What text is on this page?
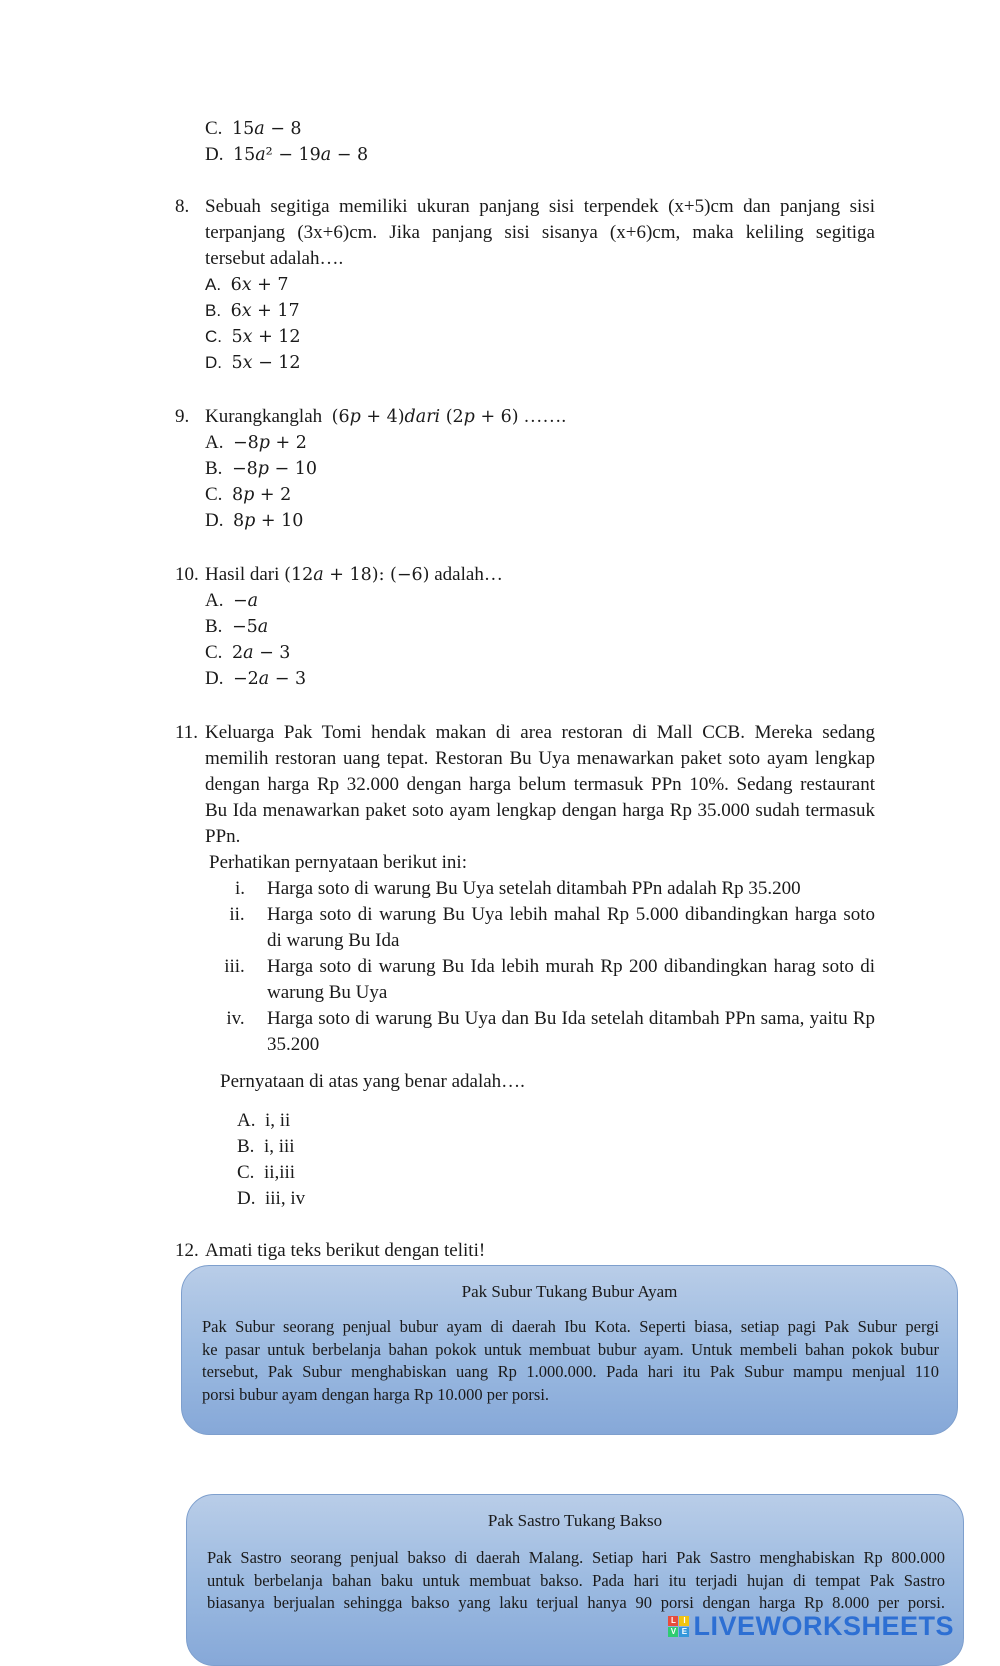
C. 15𝑎 − 8
D. 15𝑎² − 19𝑎 − 8
8. Sebuah segitiga memiliki ukuran panjang sisi terpendek (x+5)cm dan panjang sisi
terpanjang (3x+6)cm. Jika panjang sisi sisanya (x+6)cm, maka keliling segitiga
tersebut adalah….
A. 6𝑥 + 7
B. 6𝑥 + 17
C. 5𝑥 + 12
D. 5𝑥 − 12
9. Kurangkanglah (6𝑝 + 4)𝑑𝑎𝑟𝑖 (2𝑝 + 6) …….
A. −8𝑝 + 2
B. −8𝑝 − 10
C. 8𝑝 + 2
D. 8𝑝 + 10
10. Hasil dari (12𝑎 + 18): (−6) adalah…
A. −𝑎
B. −5𝑎
C. 2𝑎 − 3
D. −2𝑎 − 3
11. Keluarga Pak Tomi hendak makan di area restoran di Mall CCB. Mereka sedang
memilih restoran uang tepat. Restoran Bu Uya menawarkan paket soto ayam lengkap
dengan harga Rp 32.000 dengan harga belum termasuk PPn 10%. Sedang restaurant
Bu Ida menawarkan paket soto ayam lengkap dengan harga Rp 35.000 sudah termasuk
PPn.
Perhatikan pernyataan berikut ini:
i.	Harga soto di warung Bu Uya setelah ditambah PPn adalah Rp 35.200
ii.	Harga soto di warung Bu Uya lebih mahal Rp 5.000 dibandingkan harga soto
di warung Bu Ida
iii.	Harga soto di warung Bu Ida lebih murah Rp 200 dibandingkan harag soto di
warung Bu Uya
iv.	Harga soto di warung Bu Uya dan Bu Ida setelah ditambah PPn sama, yaitu Rp
35.200
Pernyataan di atas yang benar adalah….
A. i, ii
B. i, iii
C. ii,iii
D. iii, iv
12. Amati tiga teks berikut dengan teliti!
Pak Subur Tukang Bubur Ayam
Pak Subur seorang penjual bubur ayam di daerah Ibu Kota. Seperti biasa, setiap pagi Pak Subur pergi
ke pasar untuk berbelanja bahan pokok untuk membuat bubur ayam. Untuk membeli bahan pokok bubur
tersebut, Pak Subur menghabiskan uang Rp 1.000.000. Pada hari itu Pak Subur mampu menjual 110
porsi bubur ayam dengan harga Rp 10.000 per porsi.
Pak Sastro Tukang Bakso
Pak Sastro seorang penjual bakso di daerah Malang. Setiap hari Pak Sastro menghabiskan Rp 800.000
untuk berbelanja bahan baku untuk membuat bakso. Pada hari itu terjadi hujan di tempat Pak Sastro
biasanya berjualan sehingga bakso yang laku terjual hanya 90 porsi dengan harga Rp 8.000 per porsi.
L I
V E LIVEWORKSHEETS
